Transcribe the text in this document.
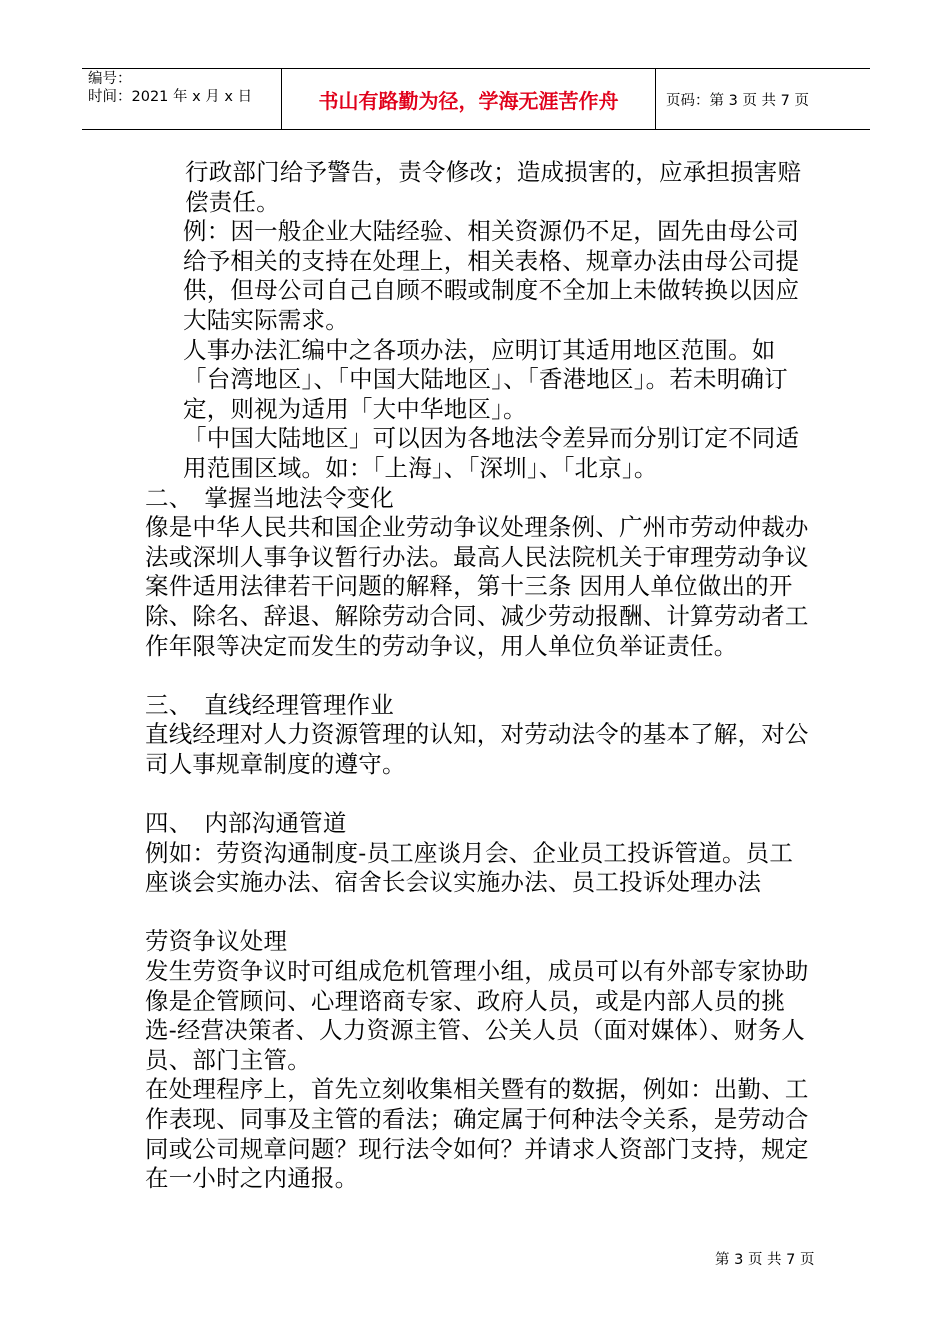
编号：
时间：2021 年 x 月 x 日	书山有路勤为径，学海无涯苦作舟	页码：第 3 页 共 7 页

行政部门给予警告，责令修改；造成损害的，应承担损害赔偿责任。

例：因一般企业大陆经验、相关资源仍不足，固先由母公司给予相关的支持在处理上，相关表格、规章办法由母公司提供，但母公司自己自顾不暇或制度不全加上未做转换以因应大陆实际需求。

人事办法汇编中之各项办法，应明订其适用地区范围。如「台湾地区」、「中国大陆地区」、「香港地区」。若未明确订定，则视为适用「大中华地区」。

「中国大陆地区」可以因为各地法令差异而分别订定不同适用范围区域。如：「上海」、「深圳」、「北京」。

二、　掌握当地法令变化

像是中华人民共和国企业劳动争议处理条例、广州市劳动仲裁办法或深圳人事争议暂行办法。最高人民法院机关于审理劳动争议案件适用法律若干问题的解释，第十三条 因用人单位做出的开除、除名、辞退、解除劳动合同、减少劳动报酬、计算劳动者工作年限等决定而发生的劳动争议，用人单位负举证责任。

三、　直线经理管理作业

直线经理对人力资源管理的认知，对劳动法令的基本了解，对公司人事规章制度的遵守。

四、　内部沟通管道

例如：劳资沟通制度-员工座谈月会、企业员工投诉管道。员工座谈会实施办法、宿舍长会议实施办法、员工投诉处理办法

劳资争议处理

发生劳资争议时可组成危机管理小组，成员可以有外部专家协助像是企管顾问、心理谘商专家、政府人员，或是内部人员的挑选-经营决策者、人力资源主管、公关人员（面对媒体）、财务人员、部门主管。

在处理程序上，首先立刻收集相关暨有的数据，例如：出勤、工作表现、同事及主管的看法；确定属于何种法令关系，是劳动合同或公司规章问题？现行法令如何？并请求人资部门支持，规定在一小时之内通报。

第 3 页 共 7 页
